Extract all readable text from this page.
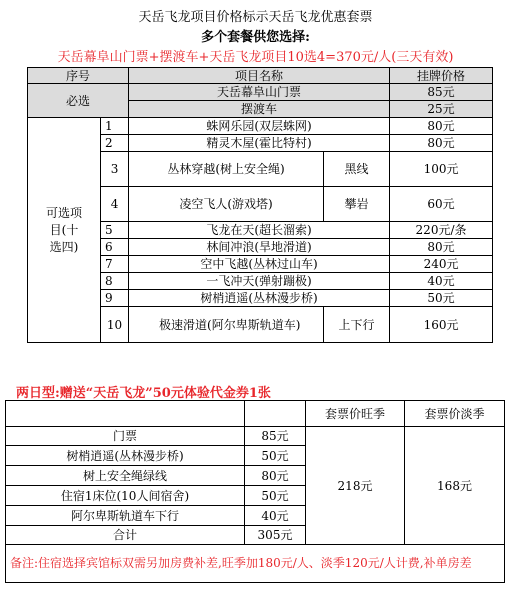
天岳飞龙项目价格标示天岳飞龙优惠套票
多个套餐供您选择:
天岳幕阜山门票+摆渡车+天岳飞龙项目10选4=370元/人(三天有效)
序号		项目名称		挂牌价格
必选		天岳幕阜山门票		85元
		摆渡车		25元
可选项目(十选四)	1	蛛网乐园(双层蛛网)		80元
	2	精灵木屋(霍比特村)		80元
	3	丛林穿越(树上安全绳)	黑线	100元
	4	凌空飞人(游戏塔)	攀岩	60元
	5	飞龙在天(超长溜索)		220元/条
	6	林间冲浪(旱地滑道)		80元
	7	空中飞越(丛林过山车)		240元
	8	一飞冲天(弹射蹦极)		40元
	9	树梢逍遥(丛林漫步桥)		50元
	10	极速滑道(阿尔卑斯轨道车)	上下行	160元
两日型:赠送“天岳飞龙”50元体验代金券1张
		套票价旺季	套票价淡季
门票	85元	218元	168元
树梢逍遥(丛林漫步桥)	50元		
树上安全绳绿线	80元		
住宿1床位(10人间宿舍)	50元		
阿尔卑斯轨道车下行	40元		
合计	305元		
备注:住宿选择宾馆标双需另加房费补差,旺季加180元/人、淡季120元/人计费,补单房差			
